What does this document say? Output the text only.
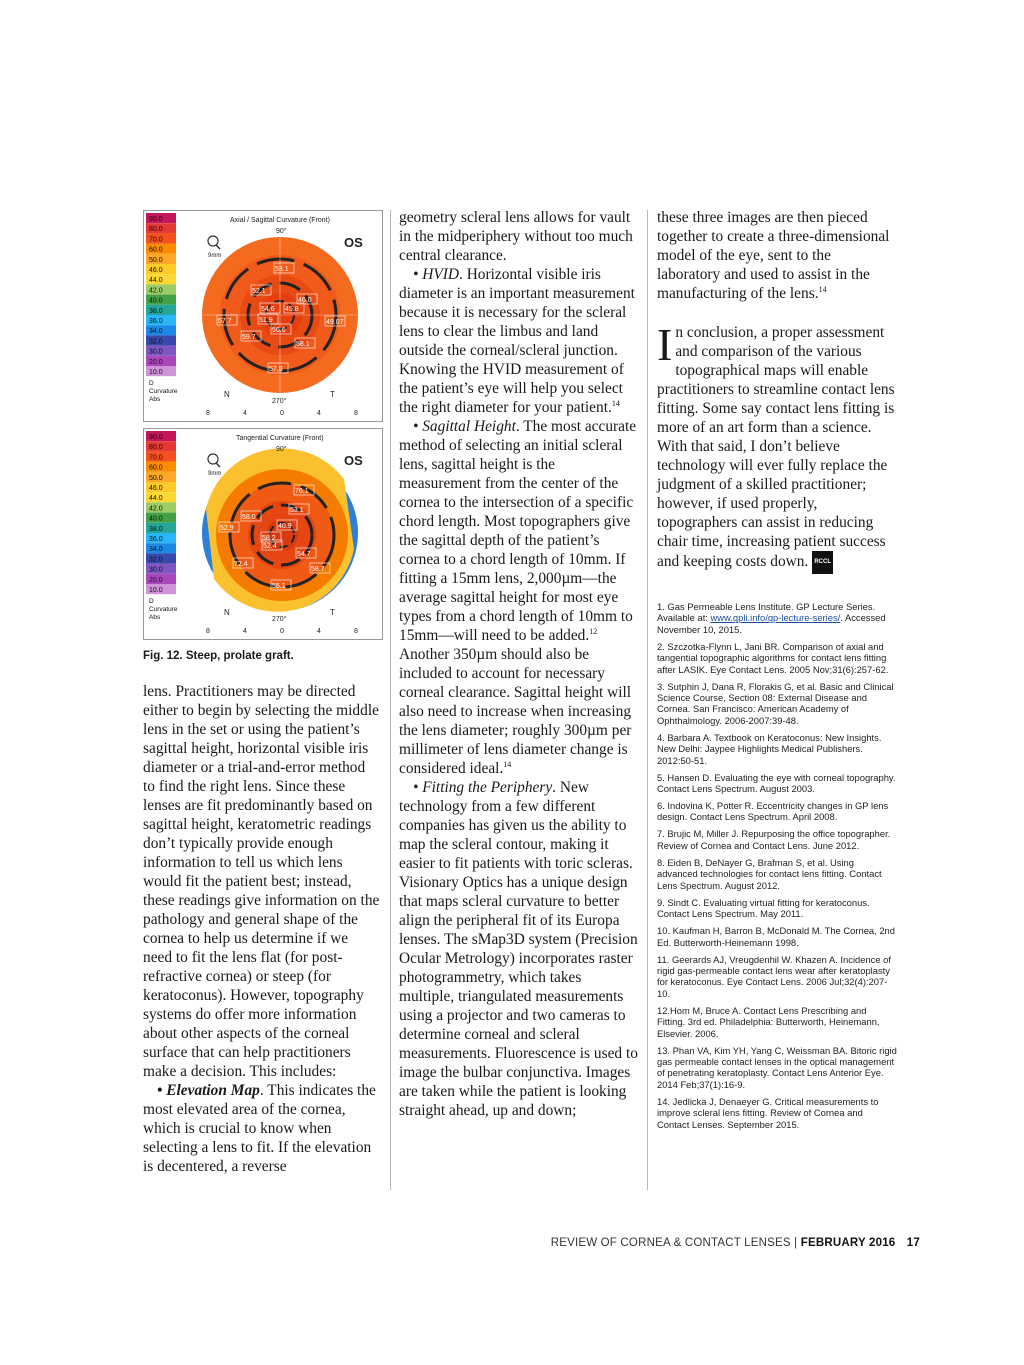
90.0
80.0
70.0
60.0
50.0
46.0
44.0
42.0
40.0
38.0
36.0
34.0
32.0
30.0
20.0
10.0
D
Curvature
Abs
Axial / Sagittal Curvature (Front)
OS
9mm
53.1
52.1
46.0
54.6 45.8
51.9
57.7
56.6
49.07
59.7
58.1
57.8
N	T
90°
270°
8	4	0	4	8
90.0
80.0
70.0
60.0
50.0
46.0
44.0
42.0
40.0
38.0
36.0
34.0
32.0
30.0
20.0
10.0
D
Curvature
Abs
Tangential Curvature (Front)
OS
9mm
76.1
53.1
52.9
58.0
40.9
58.2
52.4
54.7
72.4
58.7
55.1
N	T
90°
270°
8	4	0	4	8
Fig. 12. Steep, prolate graft.

lens. Practitioners may be directed either to begin by selecting the middle lens in the set or using the patient’s sagittal height, horizontal visible iris diameter or a trial-and-error method to find the right lens. Since these lenses are fit predominantly based on sagittal height, keratometric readings don’t typically provide enough information to tell us which lens would fit the patient best; instead, these readings give information on the pathology and general shape of the cornea to help us determine if we need to fit the lens flat (for post-refractive cornea) or steep (for keratoconus). However, topography systems do offer more information about other aspects of the corneal surface that can help practitioners make a decision. This includes:

• Elevation Map. This indicates the most elevated area of the cornea, which is crucial to know when selecting a lens to fit. If the elevation is decentered, a reverse

geometry scleral lens allows for vault in the midperiphery without too much central clearance.

• HVID. Horizontal visible iris diameter is an important measurement because it is necessary for the scleral lens to clear the limbus and land outside the corneal/scleral junction. Knowing the HVID measurement of the patient’s eye will help you select the right diameter for your patient.$^{14}$

• Sagittal Height. The most accurate method of selecting an initial scleral lens, sagittal height is the measurement from the center of the cornea to the intersection of a specific chord length. Most topographers give the sagittal depth of the patient’s cornea to a chord length of 10mm. If fitting a 15mm lens, 2,000µm—the average sagittal height for most eye types from a chord length of 10mm to 15mm—will need to be added.$^{12}$ Another 350µm should also be included to account for necessary corneal clearance. Sagittal height will also need to increase when increasing the lens diameter; roughly 300µm per millimeter of lens diameter change is considered ideal.$^{14}$

• Fitting the Periphery. New technology from a few different companies has given us the ability to map the scleral contour, making it easier to fit patients with toric scleras. Visionary Optics has a unique design that maps scleral curvature to better align the peripheral fit of its Europa lenses. The sMap3D system (Precision Ocular Metrology) incorporates raster photogrammetry, which takes multiple, triangulated measurements using a projector and two cameras to determine corneal and scleral measurements. Fluorescence is used to image the bulbar conjunctiva. Images are taken while the patient is looking straight ahead, up and down;

these three images are then pieced together to create a three-dimensional model of the eye, sent to the laboratory and used to assist in the manufacturing of the lens.$^{14}$

In conclusion, a proper assessment and comparison of the various topographical maps will enable practitioners to streamline contact lens fitting. Some say contact lens fitting is more of an art form than a science. With that said, I don’t believe technology will ever fully replace the judgment of a skilled practitioner; however, if used properly, topographers can assist in reducing chair time, increasing patient success and keeping costs down. RCCL

1. Gas Permeable Lens Institute. GP Lecture Series. Available at: www.gpli.info/gp-lecture-series/. Accessed November 10, 2015.

2. Szczotka-Flynn L, Jani BR. Comparison of axial and tangential topographic algorithms for contact lens fitting after LASIK. Eye Contact Lens. 2005 Nov;31(6):257-62.

3. Sutphin J, Dana R, Florakis G, et al. Basic and Clinical Science Course, Section 08: External Disease and Cornea. San Francisco: American Academy of Ophthalmology. 2006-2007:39-48.

4. Barbara A. Textbook on Keratoconus: New Insights. New Delhi: Jaypee Highlights Medical Publishers. 2012:50-51.

5. Hansen D. Evaluating the eye with corneal topography. Contact Lens Spectrum. August 2003.

6. Indovina K, Potter R. Eccentricity changes in GP lens design. Contact Lens Spectrum. April 2008.

7. Brujic M, Miller J. Repurposing the office topographer. Review of Cornea and Contact Lens. June 2012.

8. Eiden B, DeNayer G, Brafman S, et al. Using advanced technologies for contact lens fitting. Contact Lens Spectrum. August 2012.

9. Sindt C. Evaluating virtual fitting for keratoconus. Contact Lens Spectrum. May 2011.

10. Kaufman H, Barron B, McDonald M. The Cornea, 2nd Ed. Butterworth-Heinemann 1998.

11. Geerards AJ, Vreugdenhil W. Khazen A. Incidence of rigid gas-permeable contact lens wear after keratoplasty for keratoconus. Eye Contact Lens. 2006 Jul;32(4):207-10.

12.Hom M, Bruce A. Contact Lens Prescribing and Fitting. 3rd ed. Philadelphia: Butterworth, Heinemann, Elsevier. 2006.

13. Phan VA, Kim YH, Yang C, Weissman BA. Bitoric rigid gas permeable contact lenses in the optical management of penetrating keratoplasty. Contact Lens Anterior Eye. 2014 Feb;37(1):16-9.

14. Jedlicka J, Denaeyer G. Critical measurements to improve scleral lens fitting. Review of Cornea and Contact Lenses. September 2015.

REVIEW OF CORNEA & CONTACT LENSES | FEBRUARY 2016 17
